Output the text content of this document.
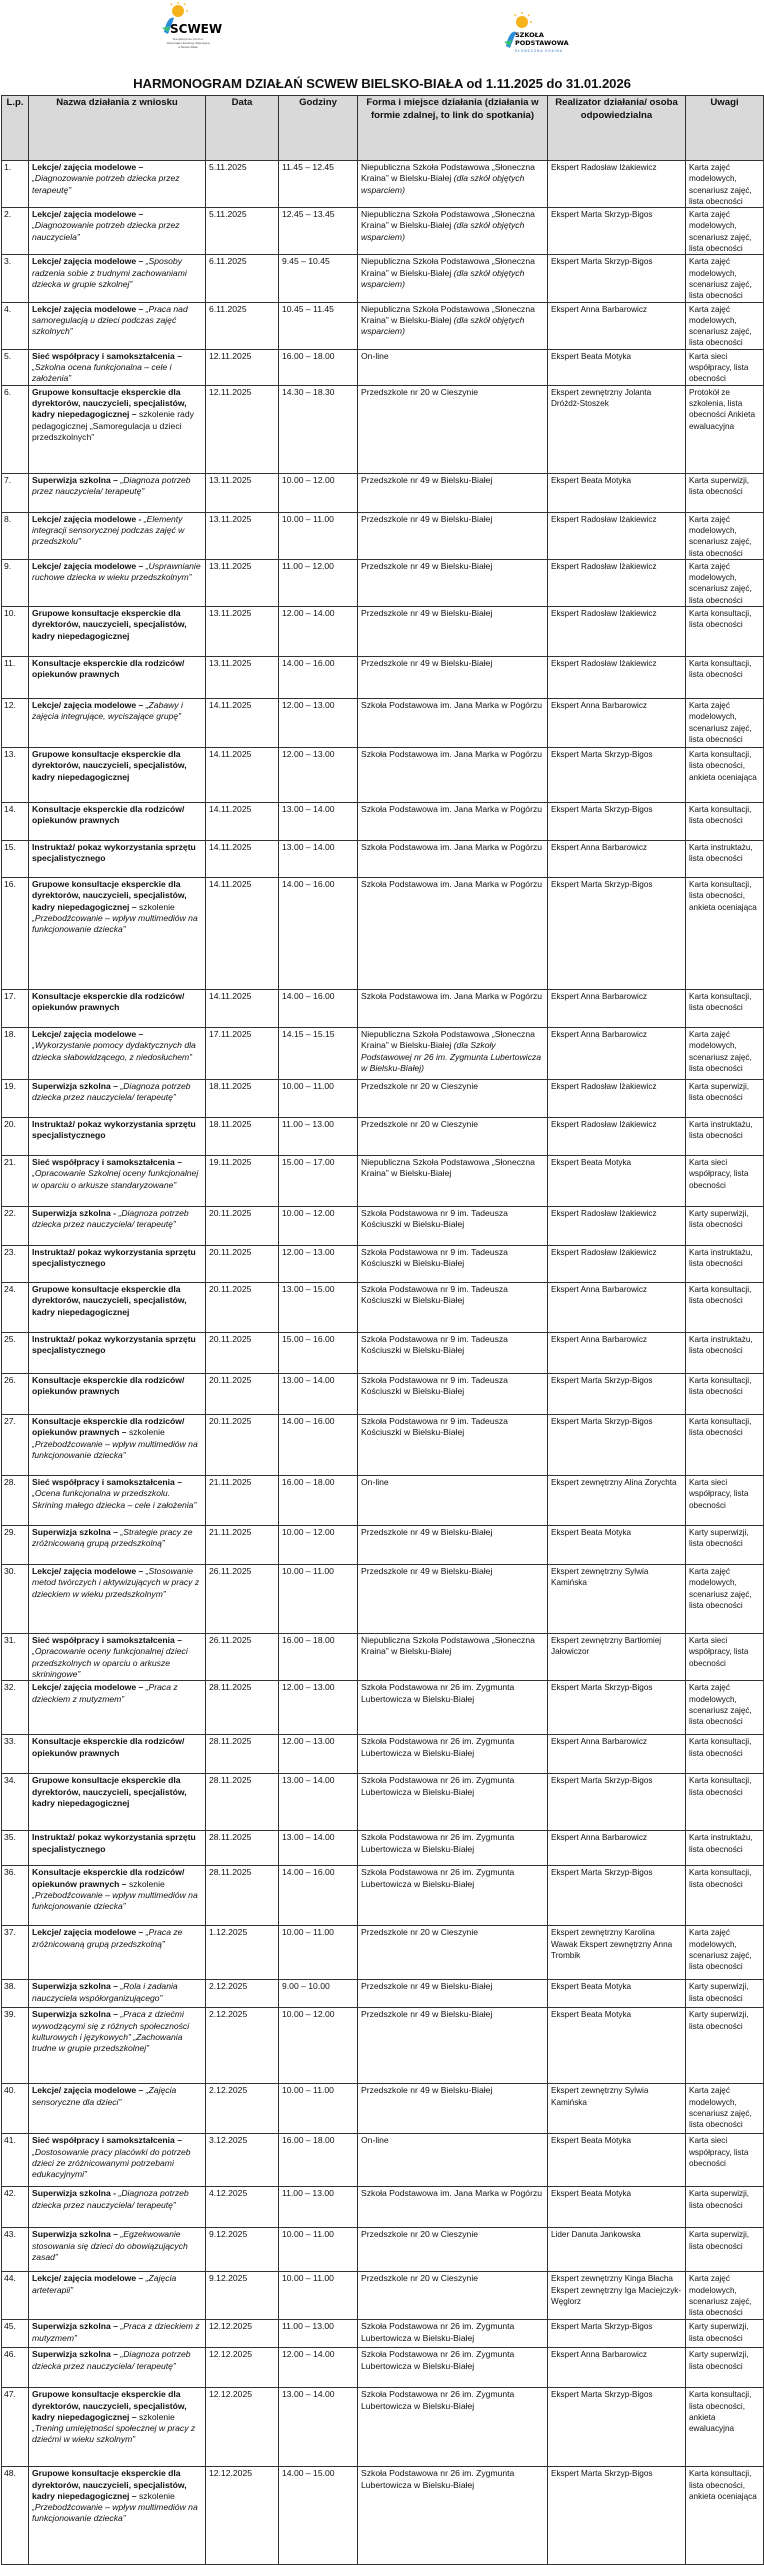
SCWEW
Specjalistyczne Centrum
Wspierające Edukację Włączającą
w Bielsku-Białej
SZKOŁA
PODSTAWOWA
SŁONECZNA KRAINA
HARMONOGRAM DZIAŁAŃ SCWEW BIELSKO-BIAŁA od 1.11.2025 do 31.01.2026
L.p.	Nazwa działania z wniosku	Data	Godziny	Forma i miejsce działania (działania w formie zdalnej, to link do spotkania)	Realizator działania/ osoba odpowiedzialna	Uwagi
1.	Lekcje/ zajęcia modelowe – „Diagnozowanie potrzeb dziecka przez terapeutę”	5.11.2025	11.45 – 12.45	Niepubliczna Szkoła Podstawowa „Słoneczna Kraina” w Bielsku-Białej (dla szkół objętych wsparciem)	Ekspert Radosław Iżakiewicz	Karta zajęć modelowych, scenariusz zajęć, lista obecności
2.	Lekcje/ zajęcia modelowe – „Diagnozowanie potrzeb dziecka przez nauczyciela”	5.11.2025	12.45 – 13.45	Niepubliczna Szkoła Podstawowa „Słoneczna Kraina” w Bielsku-Białej (dla szkół objętych wsparciem)	Ekspert Marta Skrzyp-Bigos	Karta zajęć modelowych, scenariusz zajęć, lista obecności
3.	Lekcje/ zajęcia modelowe – „Sposoby radzenia sobie z trudnymi zachowaniami dziecka w grupie szkolnej”	6.11.2025	9.45 – 10.45	Niepubliczna Szkoła Podstawowa „Słoneczna Kraina” w Bielsku-Białej (dla szkół objętych wsparciem)	Ekspert Marta Skrzyp-Bigos	Karta zajęć modelowych, scenariusz zajęć, lista obecności
4.	Lekcje/ zajęcia modelowe – „Praca nad samoregulacją u dzieci podczas zajęć szkolnych”	6.11.2025	10.45 – 11.45	Niepubliczna Szkoła Podstawowa „Słoneczna Kraina” w Bielsku-Białej (dla szkół objętych wsparciem)	Ekspert Anna Barbarowicz	Karta zajęć modelowych, scenariusz zajęć, lista obecności
5.	Sieć współpracy i samokształcenia – „Szkolna ocena funkcjonalna – cele i założenia”	12.11.2025	16.00 – 18.00	On-line	Ekspert Beata Motyka	Karta sieci współpracy, lista obecności
6.	Grupowe konsultacje eksperckie dla dyrektorów, nauczycieli, specjalistów, kadry niepedagogicznej – szkolenie rady pedagogicznej „Samoregulacja u dzieci przedszkolnych”	12.11.2025	14.30 – 18.30	Przedszkole nr 20 w Cieszynie	Ekspert zewnętrzny Jolanta Dróżdż-Stoszek	Protokół ze szkolenia, lista obecności Ankieta ewaluacyjna
7.	Superwizja szkolna – „Diagnoza potrzeb przez nauczyciela/ terapeutę”	13.11.2025	10.00 – 12.00	Przedszkole nr 49 w Bielsku-Białej	Ekspert Beata Motyka	Karta superwizji, lista obecności
8.	Lekcje/ zajęcia modelowe - „Elementy integracji sensorycznej podczas zajęć w przedszkolu”	13.11.2025	10.00 – 11.00	Przedszkole nr 49 w Bielsku-Białej	Ekspert Radosław Iżakiewicz	Karta zajęć modelowych, scenariusz zajęć, lista obecności
9.	Lekcje/ zajęcia modelowe – „Usprawnianie ruchowe dziecka w wieku przedszkolnym”	13.11.2025	11.00 – 12.00	Przedszkole nr 49 w Bielsku-Białej	Ekspert Radosław Iżakiewicz	Karta zajęć modelowych, scenariusz zajęć, lista obecności
10.	Grupowe konsultacje eksperckie dla dyrektorów, nauczycieli, specjalistów, kadry niepedagogicznej	13.11.2025	12.00 – 14.00	Przedszkole nr 49 w Bielsku-Białej	Ekspert Radosław Iżakiewicz	Karta konsultacji, lista obecności
11.	Konsultacje eksperckie dla rodziców/ opiekunów prawnych	13.11.2025	14.00 – 16.00	Przedszkole nr 49 w Bielsku-Białej	Ekspert Radosław Iżakiewicz	Karta konsultacji, lista obecności
12.	Lekcje/ zajęcia modelowe – „Zabawy i zajęcia integrujące, wyciszające grupę”	14.11.2025	12.00 – 13.00	Szkoła Podstawowa im. Jana Marka w Pogórzu	Ekspert Anna Barbarowicz	Karta zajęć modelowych, scenariusz zajęć, lista obecności
13.	Grupowe konsultacje eksperckie dla dyrektorów, nauczycieli, specjalistów, kadry niepedagogicznej	14.11.2025	12.00 – 13.00	Szkoła Podstawowa im. Jana Marka w Pogórzu	Ekspert Marta Skrzyp-Bigos	Karta konsultacji, lista obecności, ankieta oceniająca
14.	Konsultacje eksperckie dla rodziców/ opiekunów prawnych	14.11.2025	13.00 – 14.00	Szkoła Podstawowa im. Jana Marka w Pogórzu	Ekspert Marta Skrzyp-Bigos	Karta konsultacji, lista obecności
15.	Instruktaż/ pokaz wykorzystania sprzętu specjalistycznego	14.11.2025	13.00 – 14.00	Szkoła Podstawowa im. Jana Marka w Pogórzu	Ekspert Anna Barbarowicz	Karta instruktażu, lista obecności
16.	Grupowe konsultacje eksperckie dla dyrektorów, nauczycieli, specjalistów, kadry niepedagogicznej – szkolenie „Przebodźcowanie – wpływ multimediów na funkcjonowanie dziecka”	14.11.2025	14.00 – 16.00	Szkoła Podstawowa im. Jana Marka w Pogórzu	Ekspert Marta Skrzyp-Bigos	Karta konsultacji, lista obecności, ankieta oceniająca
17.	Konsultacje eksperckie dla rodziców/ opiekunów prawnych	14.11.2025	14.00 – 16.00	Szkoła Podstawowa im. Jana Marka w Pogórzu	Ekspert Anna Barbarowicz	Karta konsultacji, lista obecności
18.	Lekcje/ zajęcia modelowe – „Wykorzystanie pomocy dydaktycznych dla dziecka słabowidzącego, z niedosłuchem”	17.11.2025	14.15 – 15.15	Niepubliczna Szkoła Podstawowa „Słoneczna Kraina” w Bielsku-Białej (dla Szkoły Podstawowej nr 26 im. Zygmunta Lubertowicza w Bielsku-Białej)	Ekspert Anna Barbarowicz	Karta zajęć modelowych, scenariusz zajęć, lista obecności
19.	Superwizja szkolna – „Diagnoza potrzeb dziecka przez nauczyciela/ terapeutę”	18.11.2025	10.00 – 11.00	Przedszkole nr 20 w Cieszynie	Ekspert Radosław Iżakiewicz	Karta superwizji, lista obecności
20.	Instruktaż/ pokaz wykorzystania sprzętu specjalistycznego	18.11.2025	11.00 – 13.00	Przedszkole nr 20 w Cieszynie	Ekspert Radosław Iżakiewicz	Karta instruktażu, lista obecności
21.	Sieć współpracy i samokształcenia – „Opracowanie Szkolnej oceny funkcjonalnej w oparciu o arkusze standaryzowane”	19.11.2025	15.00 – 17.00	Niepubliczna Szkoła Podstawowa „Słoneczna Kraina” w Bielsku-Białej	Ekspert Beata Motyka	Karta sieci współpracy, lista obecności
22.	Superwizja szkolna - „Diagnoza potrzeb dziecka przez nauczyciela/ terapeutę”	20.11.2025	10.00 – 12.00	Szkoła Podstawowa nr 9 im. Tadeusza Kościuszki w Bielsku-Białej	Ekspert Radosław Iżakiewicz	Karty superwizji, lista obecności
23.	Instruktaż/ pokaz wykorzystania sprzętu specjalistycznego	20.11.2025	12.00 – 13.00	Szkoła Podstawowa nr 9 im. Tadeusza Kościuszki w Bielsku-Białej	Ekspert Radosław Iżakiewicz	Karta instruktażu, lista obecności
24.	Grupowe konsultacje eksperckie dla dyrektorów, nauczycieli, specjalistów, kadry niepedagogicznej	20.11.2025	13.00 – 15.00	Szkoła Podstawowa nr 9 im. Tadeusza Kościuszki w Bielsku-Białej	Ekspert Anna Barbarowicz	Karta konsultacji, lista obecności
25.	Instruktaż/ pokaz wykorzystania sprzętu specjalistycznego	20.11.2025	15.00 – 16.00	Szkoła Podstawowa nr 9 im. Tadeusza Kościuszki w Bielsku-Białej	Ekspert Anna Barbarowicz	Karta instruktażu, lista obecności
26.	Konsultacje eksperckie dla rodziców/ opiekunów prawnych	20.11.2025	13.00 – 14.00	Szkoła Podstawowa nr 9 im. Tadeusza Kościuszki w Bielsku-Białej	Ekspert Marta Skrzyp-Bigos	Karta konsultacji, lista obecności
27.	Konsultacje eksperckie dla rodziców/ opiekunów prawnych – szkolenie „Przebodźcowanie – wpływ multimediów na funkcjonowanie dziecka”	20.11.2025	14.00 – 16.00	Szkoła Podstawowa nr 9 im. Tadeusza Kościuszki w Bielsku-Białej	Ekspert Marta Skrzyp-Bigos	Karta konsultacji, lista obecności
28.	Sieć współpracy i samokształcenia – „Ocena funkcjonalna w przedszkolu. Skrining małego dziecka – cele i założenia”	21.11.2025	16.00 – 18.00	On-line	Ekspert zewnętrzny Alina Zorychta	Karta sieci współpracy, lista obecności
29.	Superwizja szkolna – „Strategie pracy ze zróżnicowaną grupą przedszkolną”	21.11.2025	10.00 – 12.00	Przedszkole nr 49 w Bielsku-Białej	Ekspert Beata Motyka	Karty superwizji, lista obecności
30.	Lekcje/ zajęcia modelowe – „Stosowanie metod twórczych i aktywizujących w pracy z dzieckiem w wieku przedszkolnym”	26.11.2025	10.00 – 11.00	Przedszkole nr 49 w Bielsku-Białej	Ekspert zewnętrzny Sylwia Kamińska	Karta zajęć modelowych, scenariusz zajęć, lista obecności
31.	Sieć współpracy i samokształcenia – „Opracowanie oceny funkcjonalnej dzieci przedszkolnych w oparciu o arkusze skriningowe”	26.11.2025	16.00 – 18.00	Niepubliczna Szkoła Podstawowa „Słoneczna Kraina” w Bielsku-Białej	Ekspert zewnętrzny Bartłomiej Jałowiczor	Karta sieci współpracy, lista obecności
32.	Lekcje/ zajęcia modelowe – „Praca z dzieckiem z mutyzmem”	28.11.2025	12.00 – 13.00	Szkoła Podstawowa nr 26 im. Zygmunta Lubertowicza w Bielsku-Białej	Ekspert Marta Skrzyp-Bigos	Karta zajęć modelowych, scenariusz zajęć, lista obecności
33.	Konsultacje eksperckie dla rodziców/ opiekunów prawnych	28.11.2025	12.00 – 13.00	Szkoła Podstawowa nr 26 im. Zygmunta Lubertowicza w Bielsku-Białej	Ekspert Anna Barbarowicz	Karta konsultacji, lista obecności
34.	Grupowe konsultacje eksperckie dla dyrektorów, nauczycieli, specjalistów, kadry niepedagogicznej	28.11.2025	13.00 – 14.00	Szkoła Podstawowa nr 26 im. Zygmunta Lubertowicza w Bielsku-Białej	Ekspert Marta Skrzyp-Bigos	Karta konsultacji, lista obecności
35.	Instruktaż/ pokaz wykorzystania sprzętu specjalistycznego	28.11.2025	13.00 – 14.00	Szkoła Podstawowa nr 26 im. Zygmunta Lubertowicza w Bielsku-Białej	Ekspert Anna Barbarowicz	Karta instruktażu, lista obecności
36.	Konsultacje eksperckie dla rodziców/ opiekunów prawnych – szkolenie „Przebodźcowanie – wpływ multimediów na funkcjonowanie dziecka”	28.11.2025	14.00 – 16.00	Szkoła Podstawowa nr 26 im. Zygmunta Lubertowicza w Bielsku-Białej	Ekspert Marta Skrzyp-Bigos	Karta konsultacji, lista obecności
37.	Lekcje/ zajęcia modelowe – „Praca ze zróżnicowaną grupą przedszkolną”	1.12.2025	10.00 – 11.00	Przedszkole nr 20 w Cieszynie	Ekspert zewnętrzny Karolina Wawak Ekspert zewnętrzny Anna Trombik	Karta zajęć modelowych, scenariusz zajęć, lista obecności
38.	Superwizja szkolna – „Rola i zadania nauczyciela współorganizującego”	2.12.2025	9.00 – 10.00	Przedszkole nr 49 w Bielsku-Białej	Ekspert Beata Motyka	Karty superwizji, lista obecności
39.	Superwizja szkolna – „Praca z dziećmi wywodzącymi się z różnych społeczności kulturowych i językowych” „Zachowania trudne w grupie przedszkolnej”	2.12.2025	10.00 – 12.00	Przedszkole nr 49 w Bielsku-Białej	Ekspert Beata Motyka	Karty superwizji, lista obecności
40.	Lekcje/ zajęcia modelowe – „Zajęcia sensoryczne dla dzieci”	2.12.2025	10.00 – 11.00	Przedszkole nr 49 w Bielsku-Białej	Ekspert zewnętrzny Sylwia Kamińska	Karta zajęć modelowych, scenariusz zajęć, lista obecności
41.	Sieć współpracy i samokształcenia – „Dostosowanie pracy placówki do potrzeb dzieci ze zróżnicowanymi potrzebami edukacyjnymi”	3.12.2025	16.00 – 18.00	On-line	Ekspert Beata Motyka	Karta sieci współpracy, lista obecności
42.	Superwizja szkolna - „Diagnoza potrzeb dziecka przez nauczyciela/ terapeutę”	4.12.2025	11.00 – 13.00	Szkoła Podstawowa im. Jana Marka w Pogórzu	Ekspert Beata Motyka	Karta superwizji, lista obecności
43.	Superwizja szkolna – „Egzekwowanie stosowania się dzieci do obowiązujących zasad”	9.12.2025	10.00 – 11.00	Przedszkole nr 20 w Cieszynie	Lider Danuta Jankowska	Karta superwizji, lista obecności
44.	Lekcje/ zajęcia modelowe – „Zajęcia arteterapii”	9.12.2025	10.00 – 11.00	Przedszkole nr 20 w Cieszynie	Ekspert zewnętrzny Kinga Błacha Ekspert zewnętrzny Iga Maciejczyk-Węglorz	Karta zajęć modelowych, scenariusz zajęć, lista obecności
45.	Superwizja szkolna – „Praca z dzieckiem z mutyzmem”	12.12.2025	11.00 – 13.00	Szkoła Podstawowa nr 26 im. Zygmunta Lubertowicza w Bielsku-Białej	Ekspert Marta Skrzyp-Bigos	Karty superwizji, lista obecności
46.	Superwizja szkolna – „Diagnoza potrzeb dziecka przez nauczyciela/ terapeutę”	12.12.2025	12.00 – 14.00	Szkoła Podstawowa nr 26 im. Zygmunta Lubertowicza w Bielsku-Białej	Ekspert Anna Barbarowicz	Karty superwizji, lista obecności
47.	Grupowe konsultacje eksperckie dla dyrektorów, nauczycieli, specjalistów, kadry niepedagogicznej – szkolenie „Trening umiejętności społecznej w pracy z dziećmi w wieku szkolnym”	12.12.2025	13.00 – 14.00	Szkoła Podstawowa nr 26 im. Zygmunta Lubertowicza w Bielsku-Białej	Ekspert Marta Skrzyp-Bigos	Karta konsultacji, lista obecności, ankieta ewaluacyjna
48.	Grupowe konsultacje eksperckie dla dyrektorów, nauczycieli, specjalistów, kadry niepedagogicznej – szkolenie „Przebodźcowanie – wpływ multimediów na funkcjonowanie dziecka”	12.12.2025	14.00 – 15.00	Szkoła Podstawowa nr 26 im. Zygmunta Lubertowicza w Bielsku-Białej	Ekspert Marta Skrzyp-Bigos	Karta konsultacji, lista obecności, ankieta oceniająca
